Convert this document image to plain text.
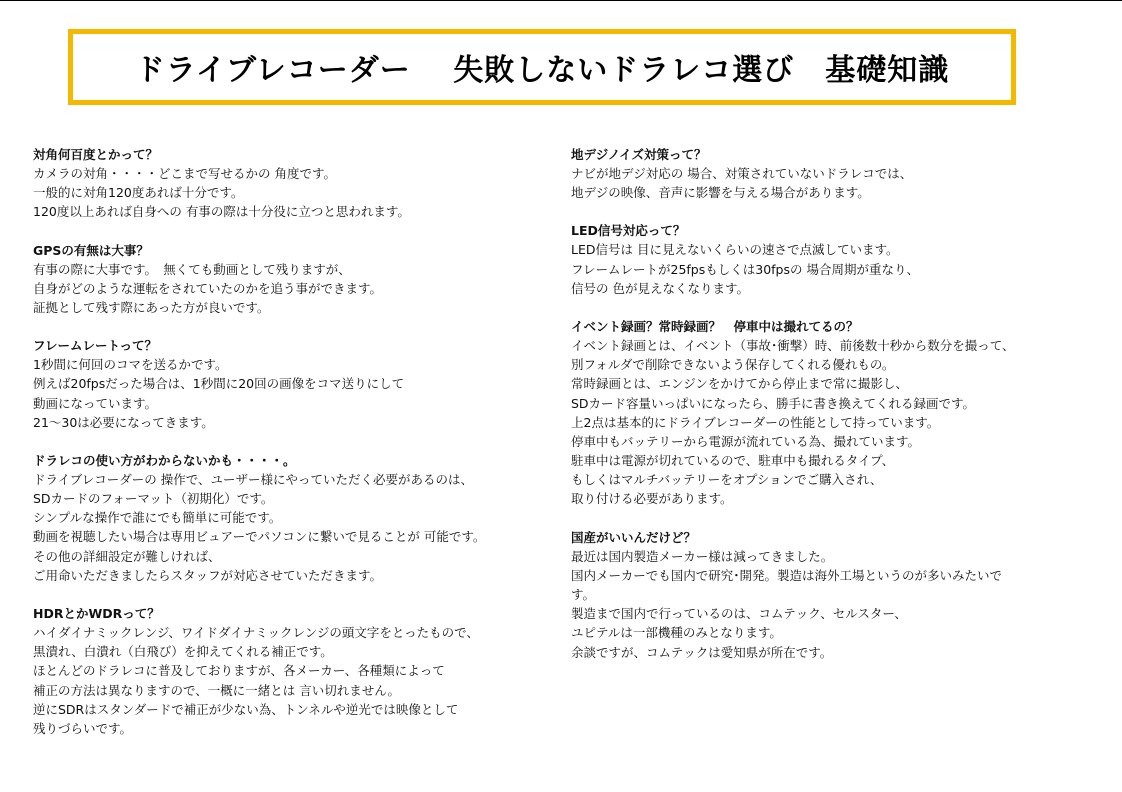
ドライブレコーダー　 失敗しないドラレコ選び　基礎知識
対角何百度とかって？
カメラの対角・・・・どこまで写せるかの 角度です。
一般的に対角120度あれば十分です。
120度以上あれば自身への 有事の際は十分役に立つと思われます。
GPSの有無は大事？
有事の際に大事です。　無くても動画として残りますが、
自身がどのような運転をされていたのかを追う事ができます。
証拠として残す際にあった方が良いです。
フレームレートって？
1秒間に何回のコマを送るかです。
例えば20fpsだった場合は、1秒間に20回の画像をコマ送りにして
動画になっています。
21～30は必要になってきます。
ドラレコの使い方がわからないかも・・・・。
ドライブレコーダーの 操作で、ユーザー様にやっていただく必要があるのは、
SDカードのフォーマット（初期化）です。
シンプルな操作で誰にでも簡単に可能です。
動画を視聴したい場合は専用ビュアーでパソコンに繋いで見ることが 可能です。
その他の詳細設定が難しければ、
ご用命いただきましたらスタッフが対応させていただきます。
HDRとかWDRって？
ハイダイナミックレンジ、ワイドダイナミックレンジの頭文字をとったもので、
黒潰れ、白潰れ（白飛び）を抑えてくれる補正です。
ほとんどのドラレコに普及しておりますが、各メーカー、各種類によって
補正の方法は異なりますので、一概に一緒とは 言い切れません。
逆にSDRはスタンダードで補正が少ない為、トンネルや逆光では映像として
残りづらいです。
地デジノイズ対策って？
ナビが地デジ対応の 場合、対策されていないドラレコでは、
地デジの映像、音声に影響を与える場合があります。
LED信号対応って？
LED信号は 目に見えないくらいの速さで点滅しています。
フレームレートが25fpsもしくは30fpsの 場合周期が重なり、
信号の 色が見えなくなります。
イベント録画？常時録画？　停車中は撮れてるの？
イベント録画とは、イベント（事故･衝撃）時、前後数十秒から数分を撮って、
別フォルダで削除できないよう保存してくれる優れもの。
常時録画とは、エンジンをかけてから停止まで常に撮影し、
SDカード容量いっぱいになったら、勝手に書き換えてくれる録画です。
上2点は基本的にドライブレコーダーの性能として持っています。
停車中もバッテリーから電源が流れている為、撮れています。
駐車中は電源が切れているので、駐車中も撮れるタイプ、
もしくはマルチバッテリーをオプションでご購入され、
取り付ける必要があります。
国産がいいんだけど？
最近は国内製造メーカー様は減ってきました。
国内メーカーでも国内で研究･開発。製造は海外工場というのが多いみたいで
す。
製造まで国内で行っているのは、コムテック、セルスター、
ユピテルは一部機種のみとなります。
余談ですが、コムテックは愛知県が所在です。
